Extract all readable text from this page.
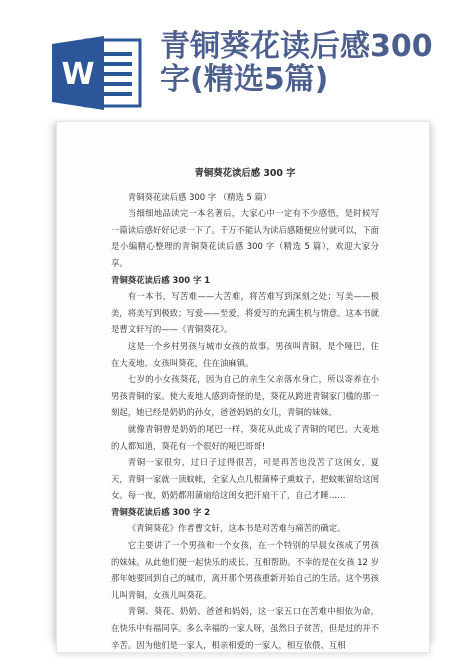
W
青铜葵花读后感300字(精选5篇)
青铜葵花读后感 300 字

青铜葵花读后感 300 字 （精选 5 篇）

当细细地品读完一本名著后，大家心中一定有不少感悟，是时候写一篇读后感好好记录一下了。千万不能认为读后感随便应付就可以，下面是小编精心整理的青铜葵花读后感 300 字（精选 5 篇），欢迎大家分享。

青铜葵花读后感 300 字 1

有一本书，写苦难——大苦难，将苦难写到深刻之处；写美——极美，将美写到极致；写爱——至爱，将爱写的充满生机与情意。这本书就是曹文轩写的——《青铜葵花》。

这是一个乡村男孩与城市女孩的故事。男孩叫青铜，是个哑巴，住在大麦地。女孩叫葵花，住在油麻镇。

七岁的小女孩葵花，因为自己的亲生父亲落水身亡，所以寄养在小男孩青铜的家。使大麦地人感到奇怪的是，葵花从跨进青铜家门槛的那一刻起，她已经是奶奶的孙女，爸爸妈妈的女儿，青铜的妹妹。

就像青铜曾是奶奶的尾巴一样，葵花从此成了青铜的尾巴。大麦地的人都知道，葵花有一个很好的哑巴哥哥!

青铜一家很穷，过日子过得很苦，可是再苦也没苦了这闺女，夏天，青铜一家就一顶蚊帐，全家人点几根蒲棒子熏蚊子，把蚊帐留给这闺女。每一夜，奶奶都用蒲扇给这闺女把汗扇干了，自己才睡……

青铜葵花读后感 300 字 2

《青铜葵花》作者曹文轩，这本书是对苦难与痛苦的确定。

它主要讲了一个男孩和一个女孩，在一个特别的早晨女孩成了男孩的妹妹。从此他们便一起快乐的成长、互相帮助。不幸的是在女孩 12 岁那年她要回到自己的城市，离开那个男孩重新开始自己的生活。这个男孩儿叫青铜，女孩儿叫葵花。

青铜、葵花、奶奶、爸爸和妈妈，这一家五口在苦难中相依为命，在快乐中有福同享。多么幸福的一家人呀，虽然日子贫苦，但是过的并不辛苦。因为他们是一家人，相亲相爱的一家人，相互依偎、互相
